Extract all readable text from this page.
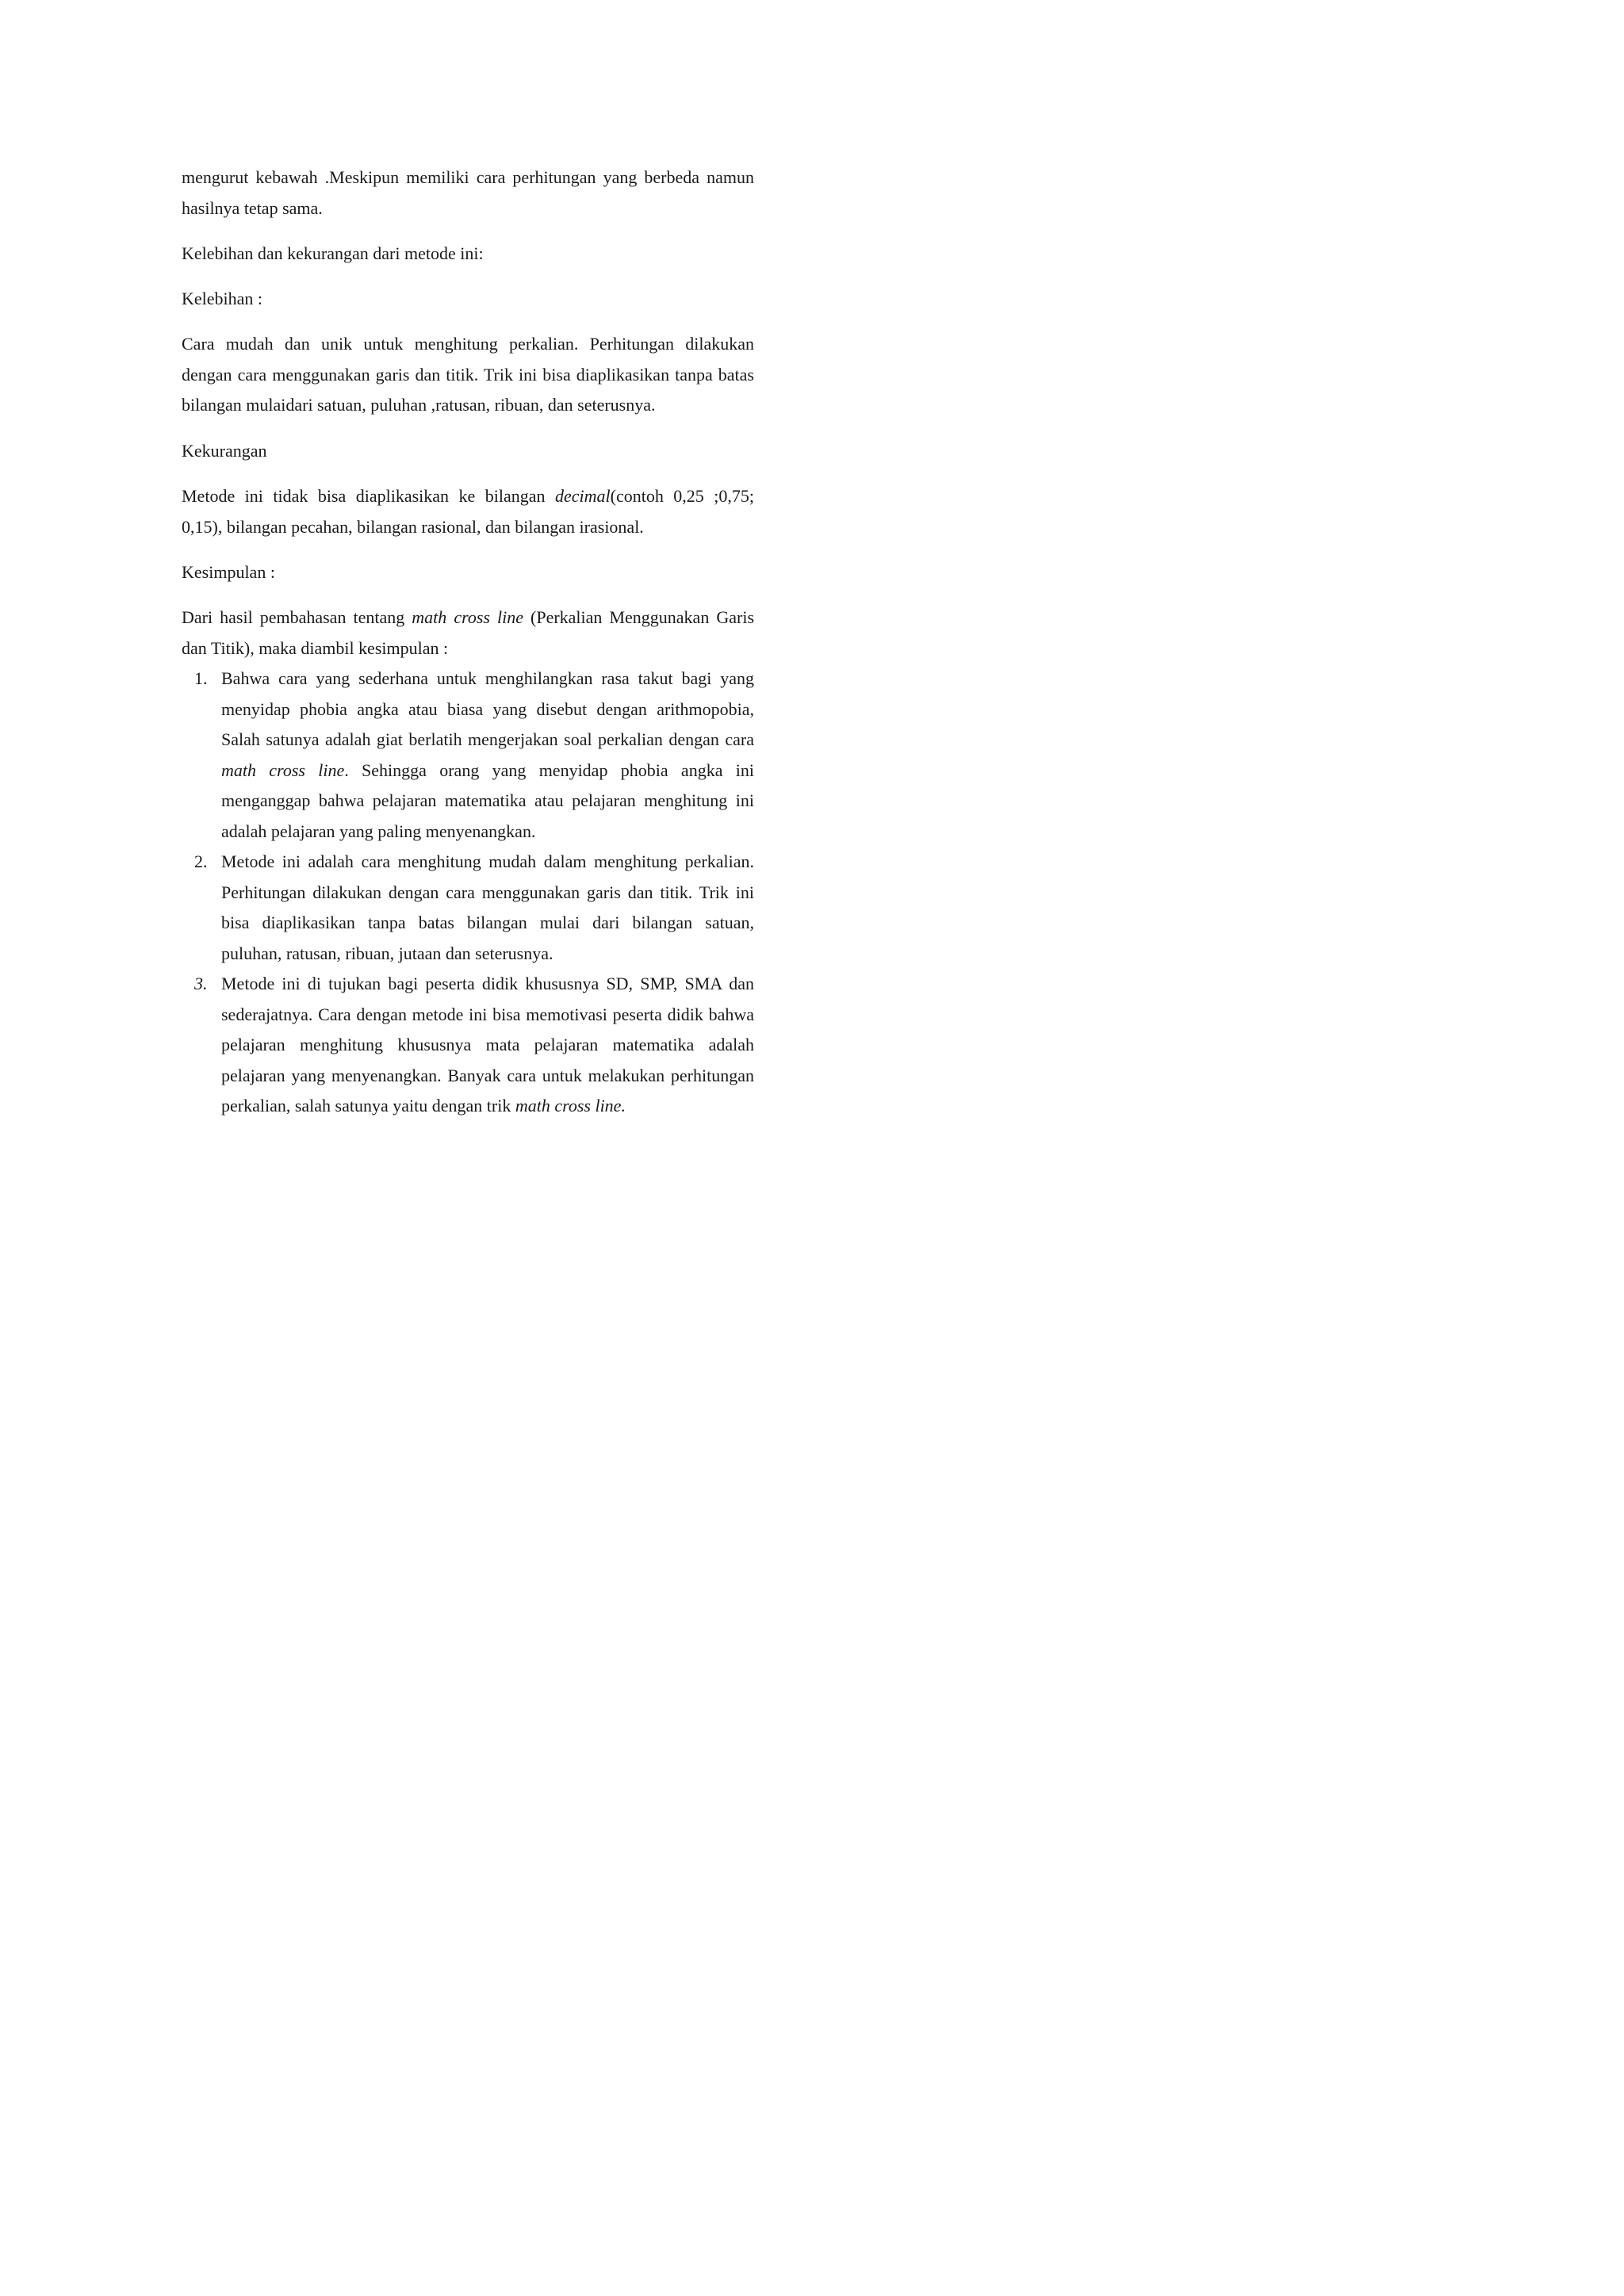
mengurut kebawah .Meskipun memiliki cara perhitungan yang berbeda namun
hasilnya tetap sama.
Kelebihan dan kekurangan dari metode ini:
Kelebihan :
Cara mudah dan unik untuk menghitung perkalian. Perhitungan dilakukan
dengan cara menggunakan garis dan titik. Trik ini bisa diaplikasikan tanpa batas
bilangan mulaidari satuan, puluhan ,ratusan, ribuan, dan seterusnya.
Kekurangan
Metode ini tidak bisa diaplikasikan ke bilangan decimal(contoh 0,25 ;0,75;
0,15), bilangan pecahan, bilangan rasional, dan bilangan irasional.
Kesimpulan :
Dari hasil pembahasan tentang math cross line (Perkalian Menggunakan Garis
dan Titik), maka diambil kesimpulan :
1. Bahwa cara yang sederhana untuk menghilangkan rasa takut bagi yang
menyidap phobia angka atau biasa yang disebut dengan arithmopobia,
Salah satunya adalah giat berlatih mengerjakan soal perkalian dengan cara
math cross line. Sehingga orang yang menyidap phobia angka ini
menganggap bahwa pelajaran matematika atau pelajaran menghitung ini
adalah pelajaran yang paling menyenangkan.
2. Metode ini adalah cara menghitung mudah dalam menghitung perkalian.
Perhitungan dilakukan dengan cara menggunakan garis dan titik. Trik ini
bisa diaplikasikan tanpa batas bilangan mulai dari bilangan satuan,
puluhan, ratusan, ribuan, jutaan dan seterusnya.
3. Metode ini di tujukan bagi peserta didik khususnya SD, SMP, SMA dan
sederajatnya. Cara dengan metode ini bisa memotivasi peserta didik bahwa
pelajaran menghitung khususnya mata pelajaran matematika adalah
pelajaran yang menyenangkan. Banyak cara untuk melakukan perhitungan
perkalian, salah satunya yaitu dengan trik math cross line.
